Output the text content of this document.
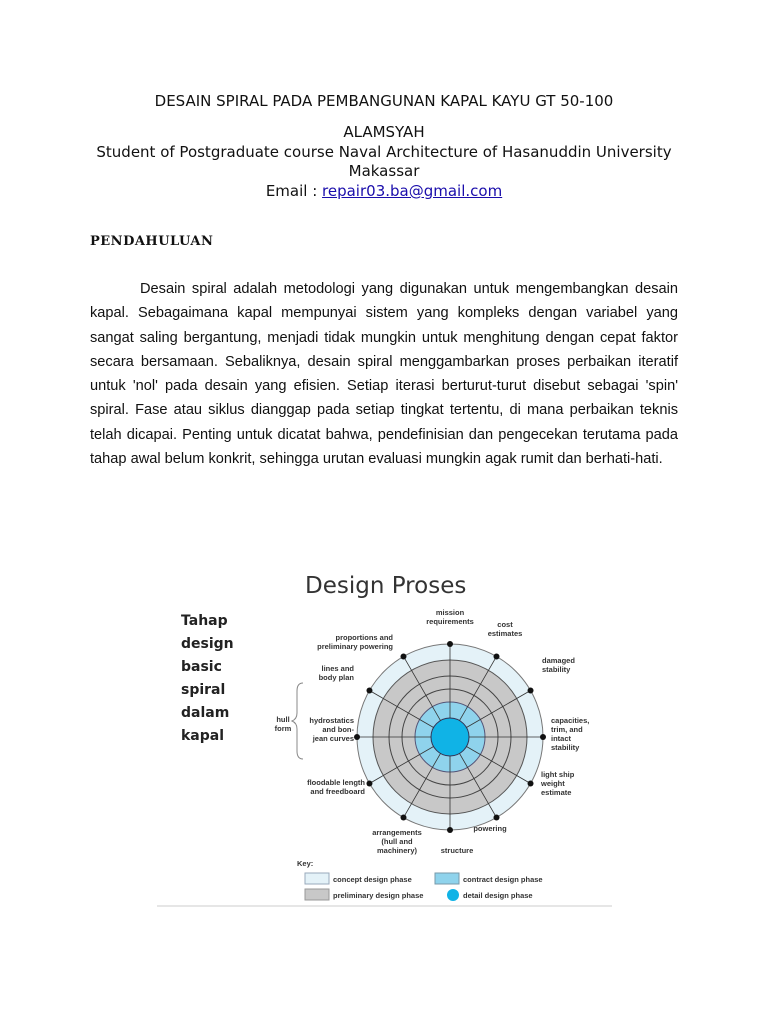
DESAIN SPIRAL PADA PEMBANGUNAN KAPAL KAYU GT 50-100
ALAMSYAH
Student of Postgraduate course Naval Architecture of Hasanuddin University
Makassar
Email : repair03.ba@gmail.com
PENDAHULUAN
Desain spiral adalah metodologi yang digunakan untuk mengembangkan desain kapal. Sebagaimana kapal mempunyai sistem yang kompleks dengan variabel yang sangat saling bergantung, menjadi tidak mungkin untuk menghitung dengan cepat faktor secara bersamaan. Sebaliknya, desain spiral menggambarkan proses perbaikan iteratif untuk 'nol' pada desain yang efisien. Setiap iterasi berturut-turut disebut sebagai 'spin' spiral. Fase atau siklus dianggap pada setiap tingkat tertentu, di mana perbaikan teknis telah dicapai. Penting untuk dicatat bahwa, pendefinisian dan pengecekan terutama pada tahap awal belum konkrit, sehingga urutan evaluasi mungkin agak rumit dan berhati-hati.
Design Proses
Tahap
design
basic
spiral
dalam
kapal
mission
requirements	cost
estimates
damaged
stability
capacities,
trim, and
intact
stability
light ship
weight
estimate
powering
structure
arrangements
(hull and
machinery)
floodable length
and freedboard
hydrostatics
and bon-
jean curves
lines and
body plan
proportions and
preliminary powering
hull
form
Key:
concept design phase	contract design phase
preliminary design phase	detail design phase
